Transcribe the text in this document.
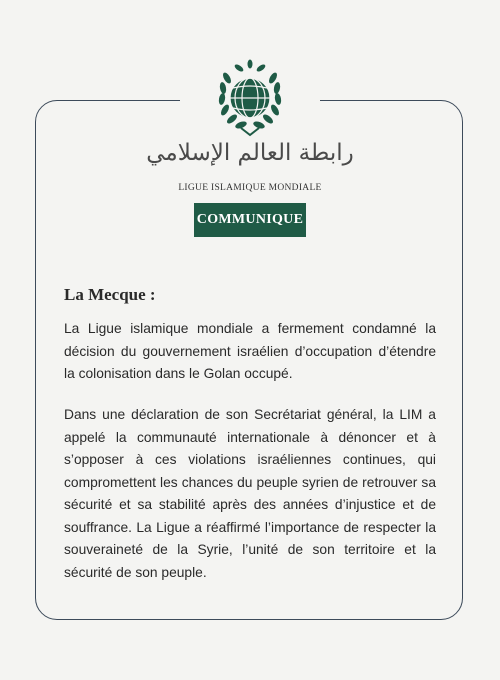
رابطة العالم الإسلامي
LIGUE ISLAMIQUE MONDIALE
COMMUNIQUE
La Mecque :
La Ligue islamique mondiale a fermement condamné la décision du gouvernement israélien d’occupation d’étendre la colonisation dans le Golan occupé.
Dans une déclaration de son Secrétariat général, la LIM a appelé la communauté internationale à dénoncer et à s’opposer à ces violations israéliennes continues, qui compromettent les chances du peuple syrien de retrouver sa sécurité et sa stabilité après des années d’injustice et de souffrance. La Ligue a réaffirmé l’importance de respecter la souveraineté de la Syrie, l’unité de son territoire et la sécurité de son peuple.
